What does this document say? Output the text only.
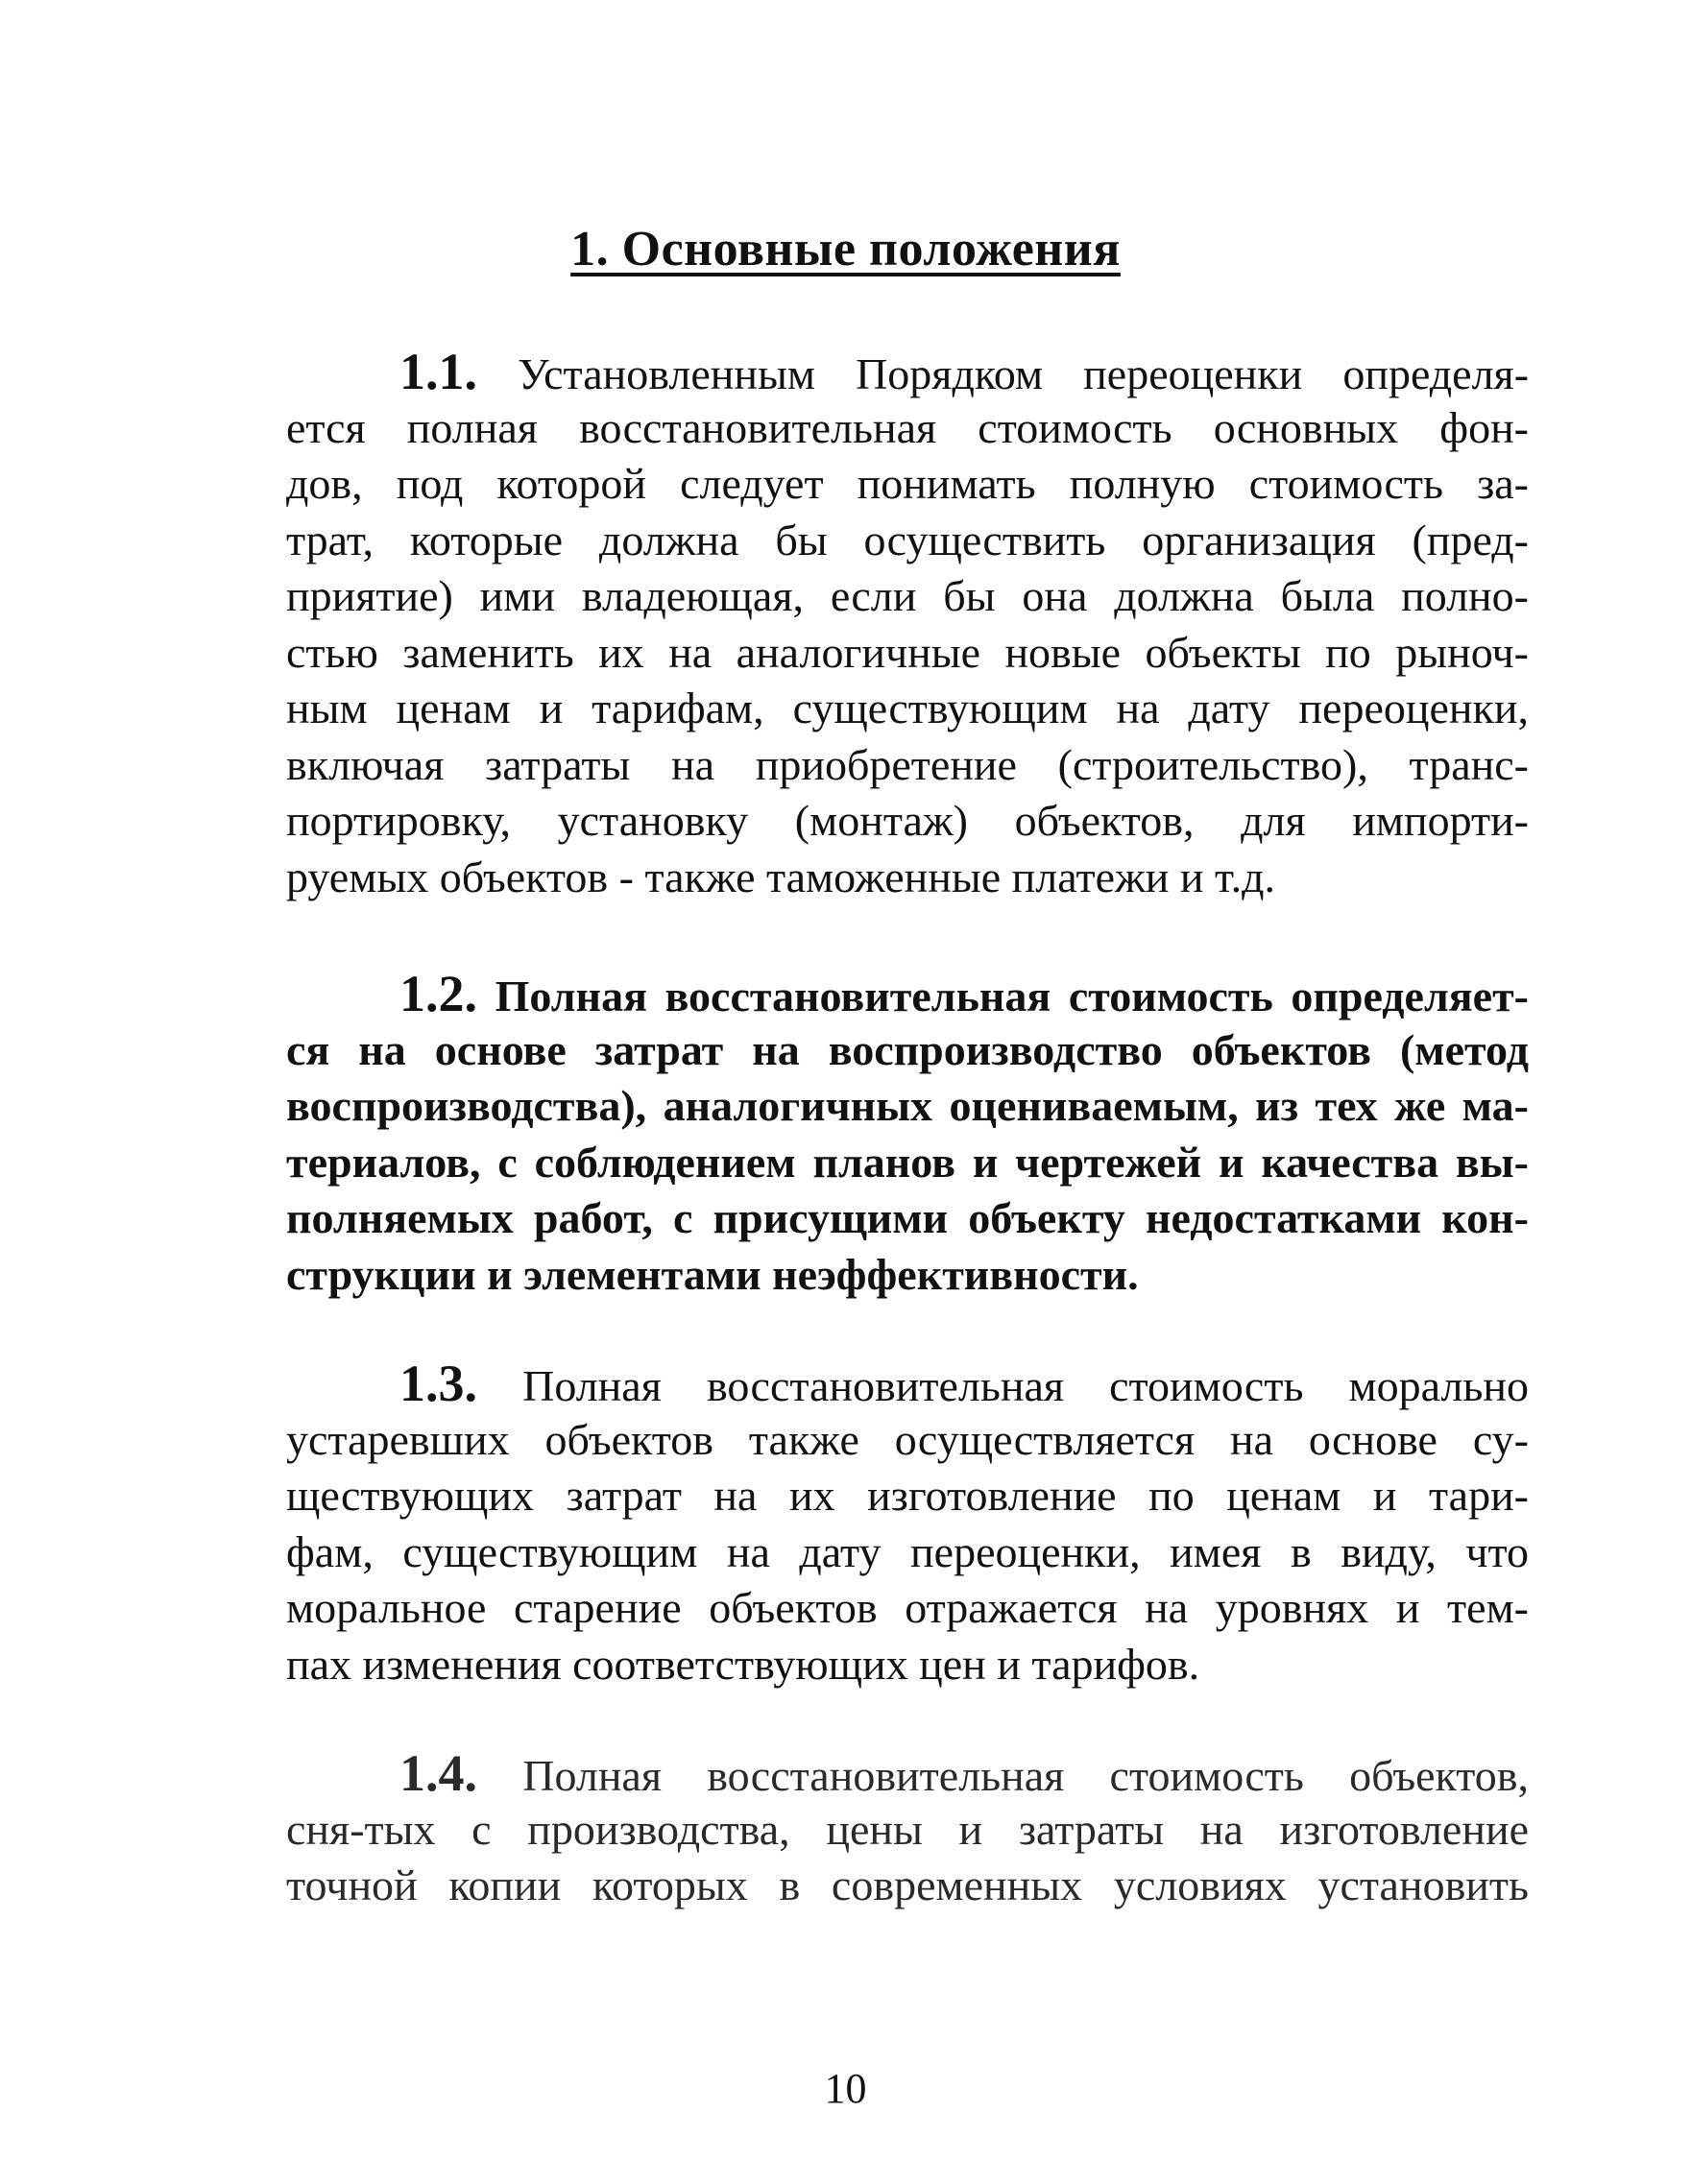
1. Основные положения
1.1. Установленным Порядком переоценки определя-
ется полная восстановительная стоимость основных фон-
дов, под которой следует понимать полную стоимость за-
трат, которые должна бы осуществить организация (пред-
приятие) ими владеющая, если бы она должна была полно-
стью заменить их на аналогичные новые объекты по рыноч-
ным ценам и тарифам, существующим на дату переоценки,
включая затраты на приобретение (строительство), транс-
портировку, установку (монтаж) объектов, для импорти-
руемых объектов - также таможенные платежи и т.д.
1.2. Полная восстановительная стоимость определяет-
ся на основе затрат на воспроизводство объектов (метод
воспроизводства), аналогичных оцениваемым, из тех же ма-
териалов, с соблюдением планов и чертежей и качества вы-
полняемых работ, с присущими объекту недостатками кон-
струкции и элементами неэффективности.
1.3. Полная восстановительная стоимость морально
устаревших объектов также осуществляется на основе су-
ществующих затрат на их изготовление по ценам и тари-
фам, существующим на дату переоценки, имея в виду, что
моральное старение объектов отражается на уровнях и тем-
пах изменения соответствующих цен и тарифов.
1.4. Полная восстановительная стоимость объектов,
сня-тых с производства, цены и затраты на изготовление
точной копии которых в современных условиях установить

10
